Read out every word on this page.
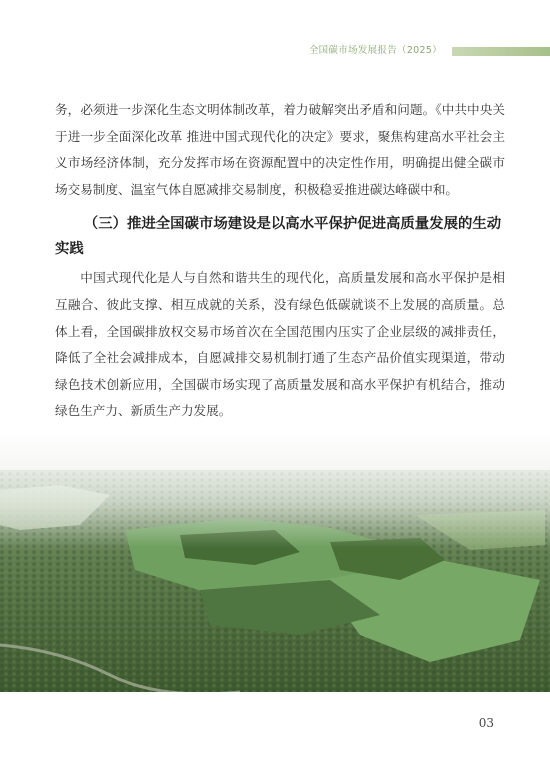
全国碳市场发展报告（2025）

务，必须进一步深化生态文明体制改革，着力破解突出矛盾和问题。《中共中央关于进一步全面深化改革 推进中国式现代化的决定》要求，聚焦构建高水平社会主义市场经济体制，充分发挥市场在资源配置中的决定性作用，明确提出健全碳市场交易制度、温室气体自愿减排交易制度，积极稳妥推进碳达峰碳中和。

（三）推进全国碳市场建设是以高水平保护促进高质量发展的生动实践

中国式现代化是人与自然和谐共生的现代化，高质量发展和高水平保护是相互融合、彼此支撑、相互成就的关系，没有绿色低碳就谈不上发展的高质量。总体上看，全国碳排放权交易市场首次在全国范围内压实了企业层级的减排责任，降低了全社会减排成本，自愿减排交易机制打通了生态产品价值实现渠道，带动绿色技术创新应用，全国碳市场实现了高质量发展和高水平保护有机结合，推动绿色生产力、新质生产力发展。

03
